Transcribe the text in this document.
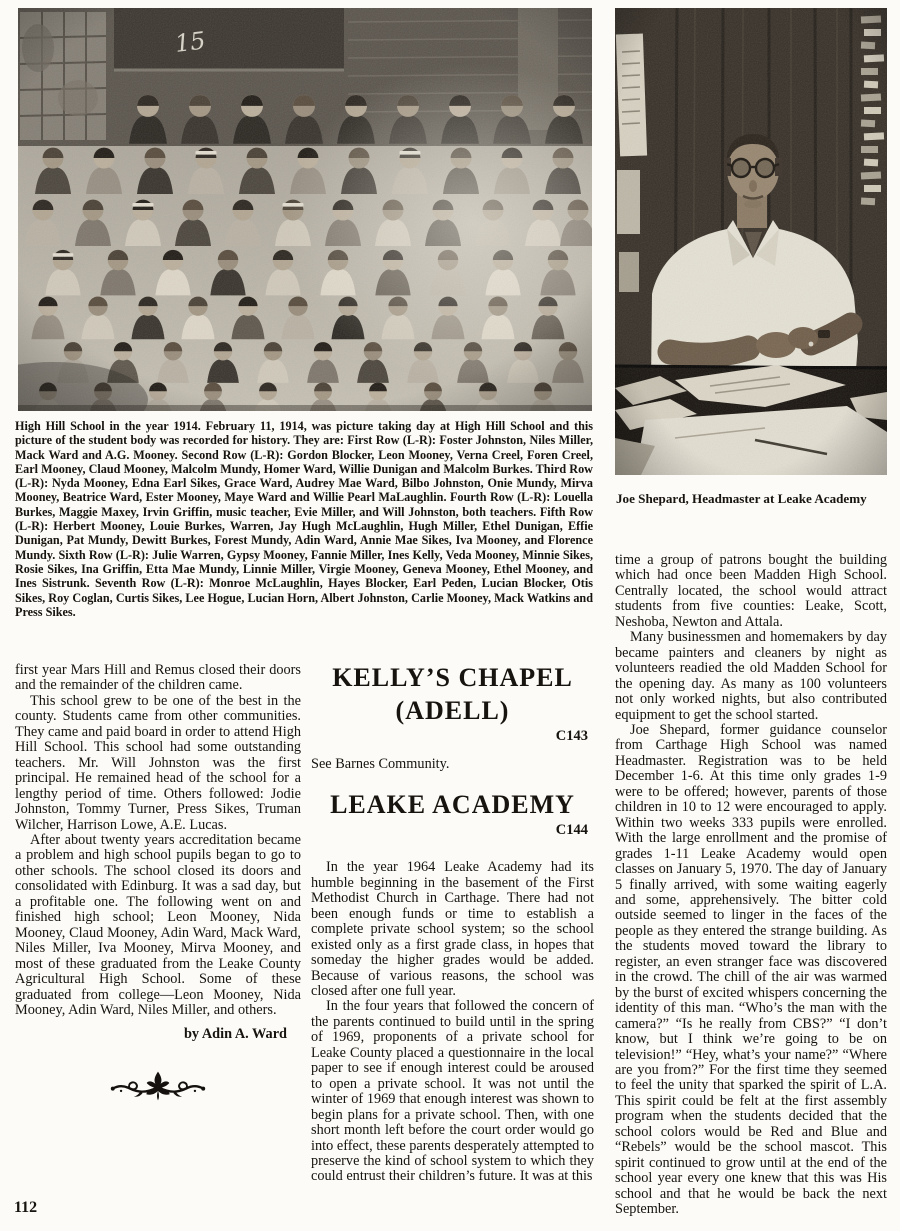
High Hill School in the year 1914. February 11, 1914, was picture taking day at High Hill School and this picture of the student body was recorded for history. They are: First Row (L-R): Foster Johnston, Niles Miller, Mack Ward and A.G. Mooney. Second Row (L-R): Gordon Blocker, Leon Mooney, Verna Creel, Foren Creel, Earl Mooney, Claud Mooney, Malcolm Mundy, Homer Ward, Willie Dunigan and Malcolm Burkes. Third Row (L-R): Nyda Mooney, Edna Earl Sikes, Grace Ward, Audrey Mae Ward, Bilbo Johnston, Onie Mundy, Mirva Mooney, Beatrice Ward, Ester Mooney, Maye Ward and Willie Pearl MaLaughlin. Fourth Row (L-R): Louella Burkes, Maggie Maxey, Irvin Griffin, music teacher, Evie Miller, and Will Johnston, both teachers. Fifth Row (L-R): Herbert Mooney, Louie Burkes, Warren, Jay Hugh McLaughlin, Hugh Miller, Ethel Dunigan, Effie Dunigan, Pat Mundy, Dewitt Burkes, Forest Mundy, Adin Ward, Annie Mae Sikes, Iva Mooney, and Florence Mundy. Sixth Row (L-R): Julie Warren, Gypsy Mooney, Fannie Miller, Ines Kelly, Veda Mooney, Minnie Sikes, Rosie Sikes, Ina Griffin, Etta Mae Mundy, Linnie Miller, Virgie Mooney, Geneva Mooney, Ethel Mooney, and Ines Sistrunk. Seventh Row (L-R): Monroe McLaughlin, Hayes Blocker, Earl Peden, Lucian Blocker, Otis Sikes, Roy Coglan, Curtis Sikes, Lee Hogue, Lucian Horn, Albert Johnston, Carlie Mooney, Mack Watkins and Press Sikes.

Joe Shepard, Headmaster at Leake Academy

first year Mars Hill and Remus closed their doors and the remainder of the children came.

This school grew to be one of the best in the county. Students came from other communities. They came and paid board in order to attend High Hill School. This school had some outstanding teachers. Mr. Will Johnston was the first principal. He remained head of the school for a lengthy period of time. Others followed: Jodie Johnston, Tommy Turner, Press Sikes, Truman Wilcher, Harrison Lowe, A.E. Lucas.

After about twenty years accreditation became a problem and high school pupils began to go to other schools. The school closed its doors and consolidated with Edinburg. It was a sad day, but a profitable one. The following went on and finished high school; Leon Mooney, Nida Mooney, Claud Mooney, Adin Ward, Mack Ward, Niles Miller, Iva Mooney, Mirva Mooney, and most of these graduated from the Leake County Agricultural High School. Some of these graduated from college—Leon Mooney, Nida Mooney, Adin Ward, Niles Miller, and others.

by Adin A. Ward

KELLY’S CHAPEL
(ADELL)
C143

See Barnes Community.

LEAKE ACADEMY
C144

In the year 1964 Leake Academy had its humble beginning in the basement of the First Methodist Church in Carthage. There had not been enough funds or time to establish a complete private school system; so the school existed only as a first grade class, in hopes that someday the higher grades would be added. Because of various reasons, the school was closed after one full year.

In the four years that followed the concern of the parents continued to build until in the spring of 1969, proponents of a private school for Leake County placed a questionnaire in the local paper to see if enough interest could be aroused to open a private school. It was not until the winter of 1969 that enough interest was shown to begin plans for a private school. Then, with one short month left before the court order would go into effect, these parents desperately attempted to preserve the kind of school system to which they could entrust their children’s future. It was at this

time a group of patrons bought the building which had once been Madden High School. Centrally located, the school would attract students from five counties: Leake, Scott, Neshoba, Newton and Attala.

Many businessmen and homemakers by day became painters and cleaners by night as volunteers readied the old Madden School for the opening day. As many as 100 volunteers not only worked nights, but also contributed equipment to get the school started.

Joe Shepard, former guidance counselor from Carthage High School was named Headmaster. Registration was to be held December 1-6. At this time only grades 1-9 were to be offered; however, parents of those children in 10 to 12 were encouraged to apply. Within two weeks 333 pupils were enrolled. With the large enrollment and the promise of grades 1-11 Leake Academy would open classes on January 5, 1970. The day of January 5 finally arrived, with some waiting eagerly and some, apprehensively. The bitter cold outside seemed to linger in the faces of the people as they entered the strange building. As the students moved toward the library to register, an even stranger face was discovered in the crowd. The chill of the air was warmed by the burst of excited whispers concerning the identity of this man. “Who’s the man with the camera?” “Is he really from CBS?” “I don’t know, but I think we’re going to be on television!” “Hey, what’s your name?” “Where are you from?” For the first time they seemed to feel the unity that sparked the spirit of L.A. This spirit could be felt at the first assembly program when the students decided that the school colors would be Red and Blue and “Rebels” would be the school mascot. This spirit continued to grow until at the end of the school year every one knew that this was His school and that he would be back the next September.

112
